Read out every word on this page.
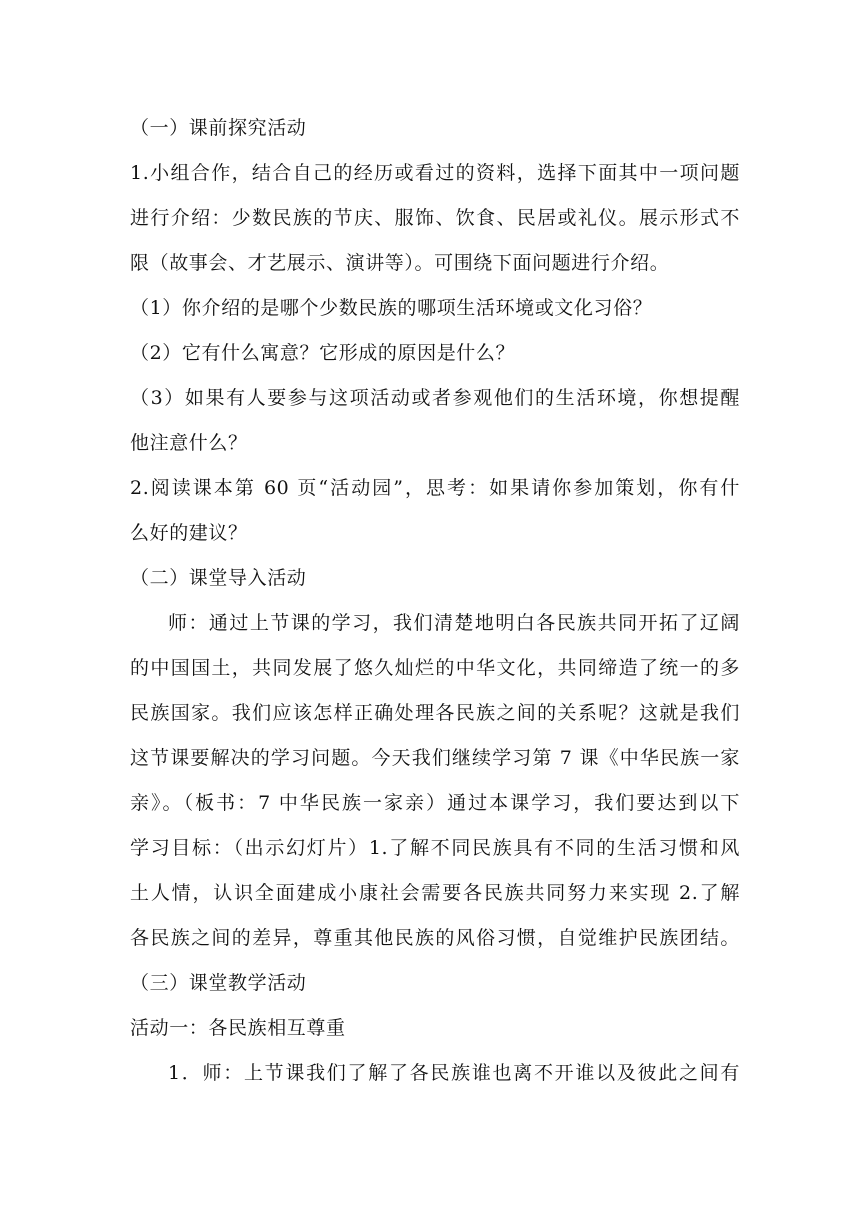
（一）课前探究活动
1.小组合作，结合自己的经历或看过的资料，选择下面其中一项问题
进行介绍：少数民族的节庆、服饰、饮食、民居或礼仪。展示形式不
限（故事会、才艺展示、演讲等）。可围绕下面问题进行介绍。
（1）你介绍的是哪个少数民族的哪项生活环境或文化习俗？
（2）它有什么寓意？它形成的原因是什么？
（3）如果有人要参与这项活动或者参观他们的生活环境，你想提醒
他注意什么？
2.阅读课本第 60 页“活动园”，思考：如果请你参加策划，你有什
么好的建议？
（二）课堂导入活动
师：通过上节课的学习，我们清楚地明白各民族共同开拓了辽阔
的中国国土，共同发展了悠久灿烂的中华文化，共同缔造了统一的多
民族国家。我们应该怎样正确处理各民族之间的关系呢？这就是我们
这节课要解决的学习问题。今天我们继续学习第 7 课《中华民族一家
亲》。（板书：7 中华民族一家亲）通过本课学习，我们要达到以下
学习目标：（出示幻灯片）1.了解不同民族具有不同的生活习惯和风
土人情，认识全面建成小康社会需要各民族共同努力来实现 2.了解
各民族之间的差异，尊重其他民族的风俗习惯，自觉维护民族团结。
（三）课堂教学活动
活动一：各民族相互尊重
1．师：上节课我们了解了各民族谁也离不开谁以及彼此之间有
